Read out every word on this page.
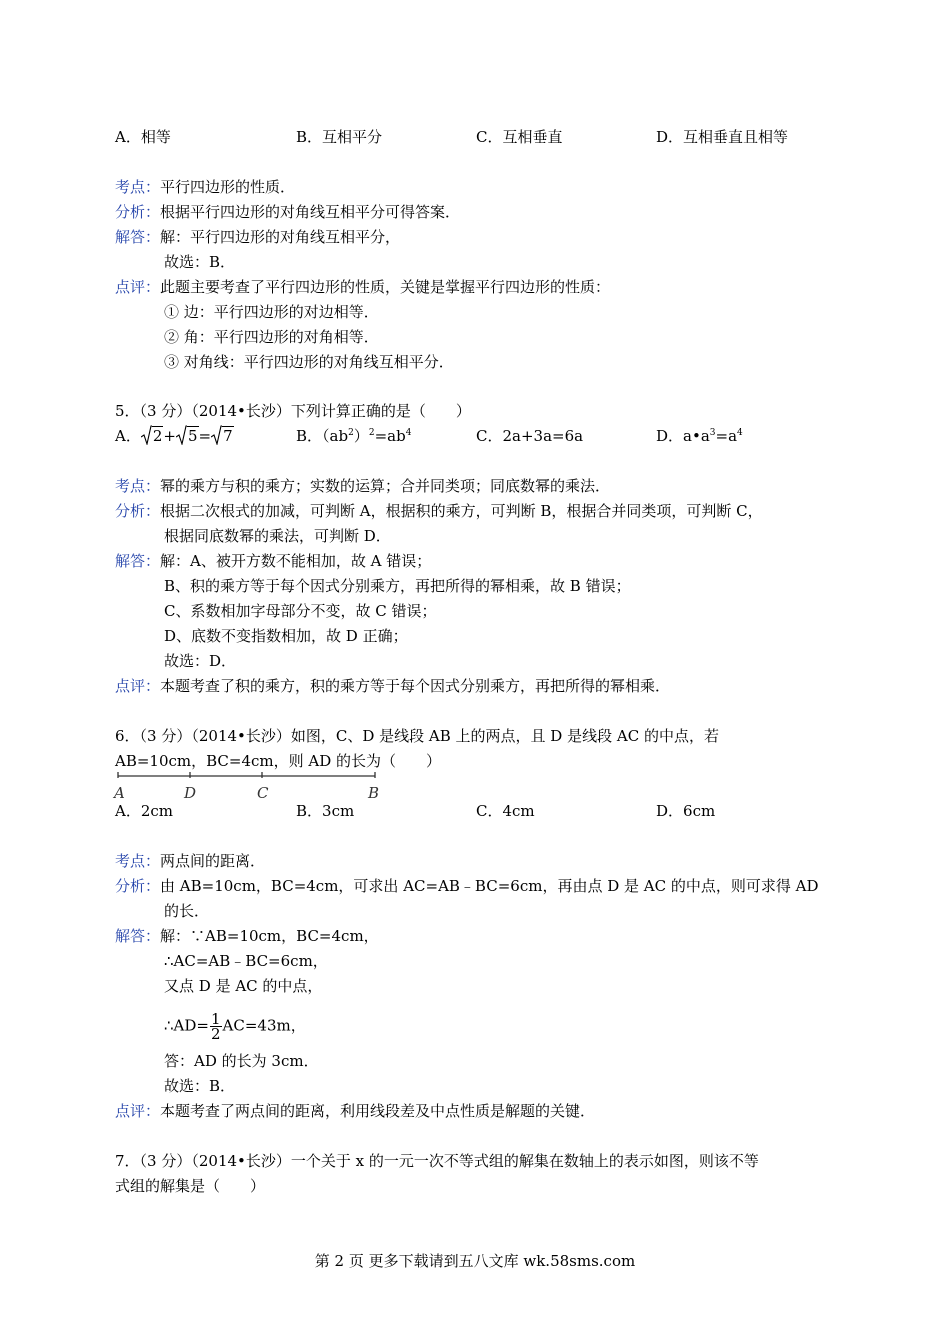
A．相等	B．互相平分	C．互相垂直	D．互相垂直且相等
考点：平行四边形的性质．
分析：根据平行四边形的对角线互相平分可得答案．
解答：解：平行四边形的对角线互相平分，
故选：B．
点评：此题主要考查了平行四边形的性质，关键是掌握平行四边形的性质：
① 边：平行四边形的对边相等．
② 角：平行四边形的对角相等．
③ 对角线：平行四边形的对角线互相平分．
5．（3 分）（2014•长沙）下列计算正确的是（　　）
A． 2+ 5= 7	B．$(ab^2)^2=ab^4$	C．2a+3a=6a	D．$a•a^3=a^4$
考点：幂的乘方与积的乘方；实数的运算；合并同类项；同底数幂的乘法．
分析：根据二次根式的加减，可判断 A，根据积的乘方，可判断 B，根据合并同类项，可判断 C，
根据同底数幂的乘法，可判断 D．
解答：解：A、被开方数不能相加，故 A 错误；
B、积的乘方等于每个因式分别乘方，再把所得的幂相乘，故 B 错误；
C、系数相加字母部分不变，故 C 错误；
D、底数不变指数相加，故 D 正确；
故选：D．
点评：本题考查了积的乘方，积的乘方等于每个因式分别乘方，再把所得的幂相乘．
6．（3 分）（2014•长沙）如图，C、D 是线段 AB 上的两点，且 D 是线段 AC 的中点，若
AB=10cm，BC=4cm，则 AD 的长为（　　）
A	D	C	B
A．2cm	B．3cm	C．4cm	D．6cm
考点：两点间的距离．
分析：由 AB=10cm，BC=4cm，可求出 AC=AB﹣BC=6cm，再由点 D 是 AC 的中点，则可求得 AD
的长．
解答：解：∵AB=10cm，BC=4cm，
∴AC=AB﹣BC=6cm，
又点 D 是 AC 的中点，
∴AD= $\frac{1}{2} AC=43m$，
答：AD 的长为 3cm．
故选：B．
点评：本题考查了两点间的距离，利用线段差及中点性质是解题的关键．
7．（3 分）（2014•长沙）一个关于 x 的一元一次不等式组的解集在数轴上的表示如图，则该不等
式组的解集是（　　）
第 2 页 更多下载请到五八文库 wk.58sms.com
